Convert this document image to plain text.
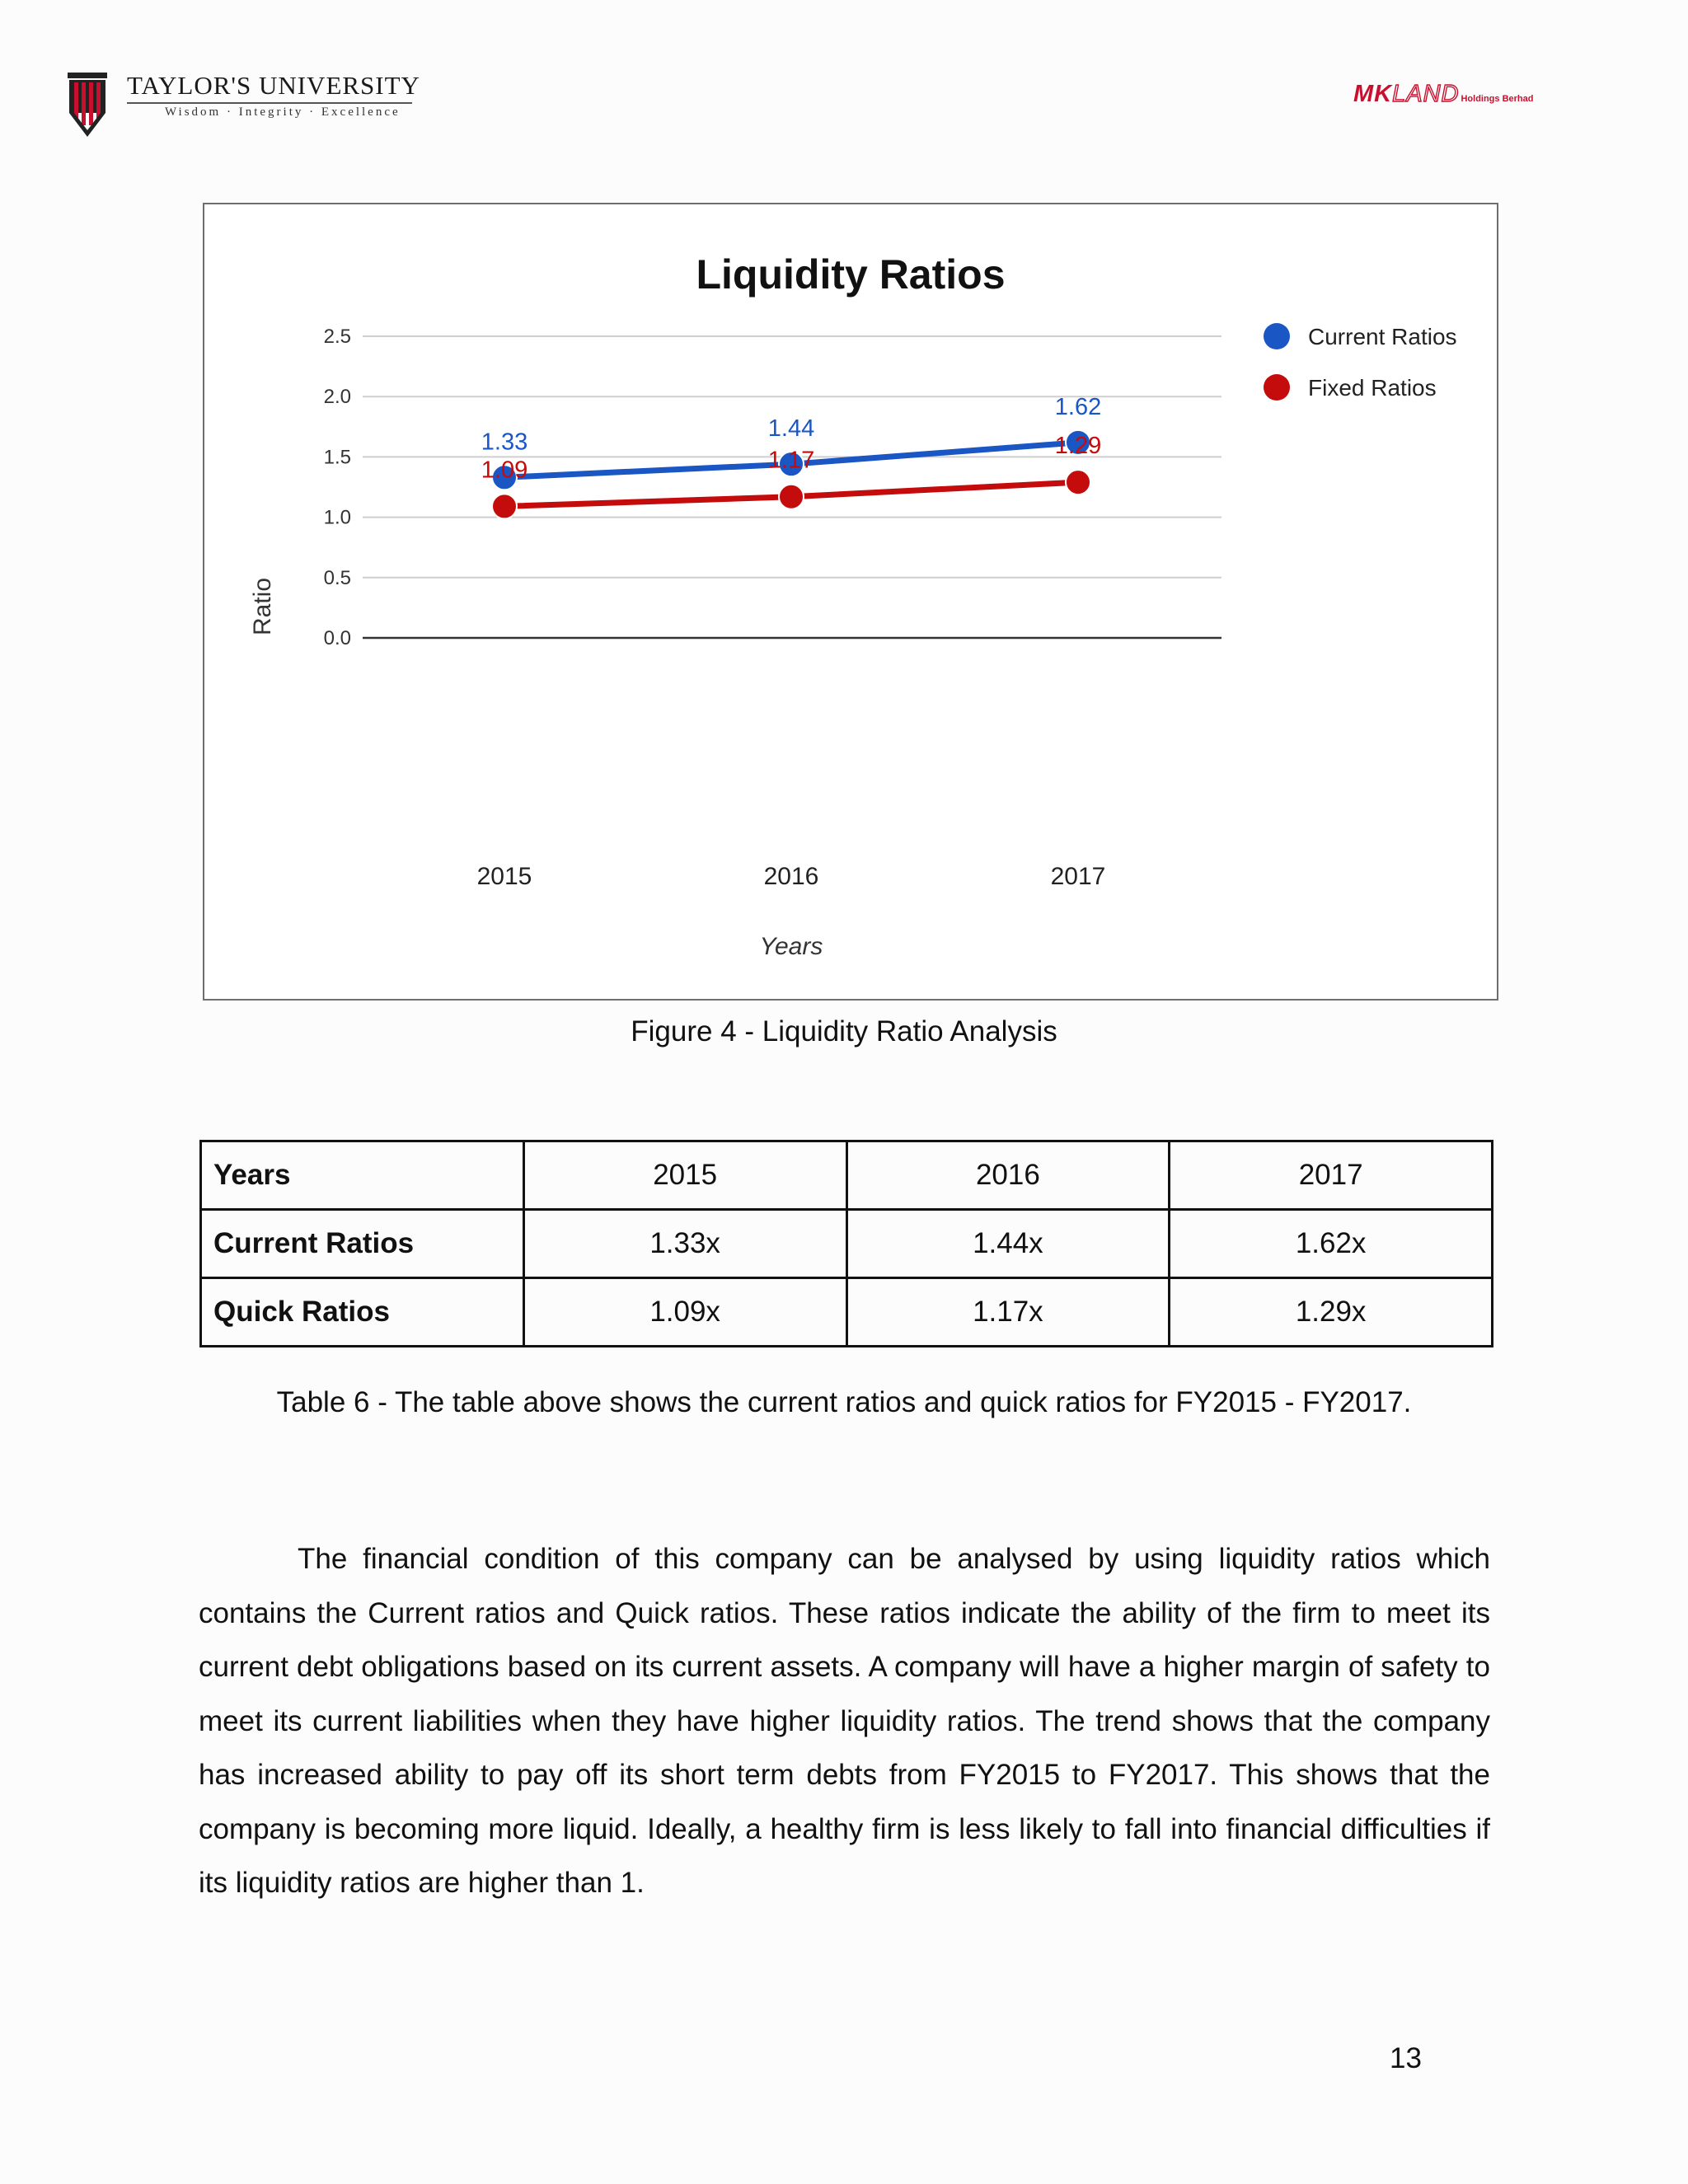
TAYLOR'S UNIVERSITY
Wisdom · Integrity · Excellence
MKLAND Holdings Berhad
Liquidity Ratios
0.0
0.5
1.0
1.5
2.0
2.5
2015	2016	2017
Years
Ratio
1.33
1.44
1.62
1.09	1.17
1.29
Current Ratios
Fixed Ratios
Figure 4 - Liquidity Ratio Analysis
Years	2015	2016	2017
Current Ratios	1.33x	1.44x	1.62x
Quick Ratios	1.09x	1.17x	1.29x
Table 6 - The table above shows the current ratios and quick ratios for FY2015 - FY2017.
The financial condition of this company can be analysed by using liquidity ratios which contains the Current ratios and Quick ratios. These ratios indicate the ability of the firm to meet its current debt obligations based on its current assets. A company will have a higher margin of safety to meet its current liabilities when they have higher liquidity ratios. The trend shows that the company has increased ability to pay off its short term debts from FY2015 to FY2017. This shows that the company is becoming more liquid. Ideally, a healthy firm is less likely to fall into financial difficulties if its liquidity ratios are higher than 1.
13
